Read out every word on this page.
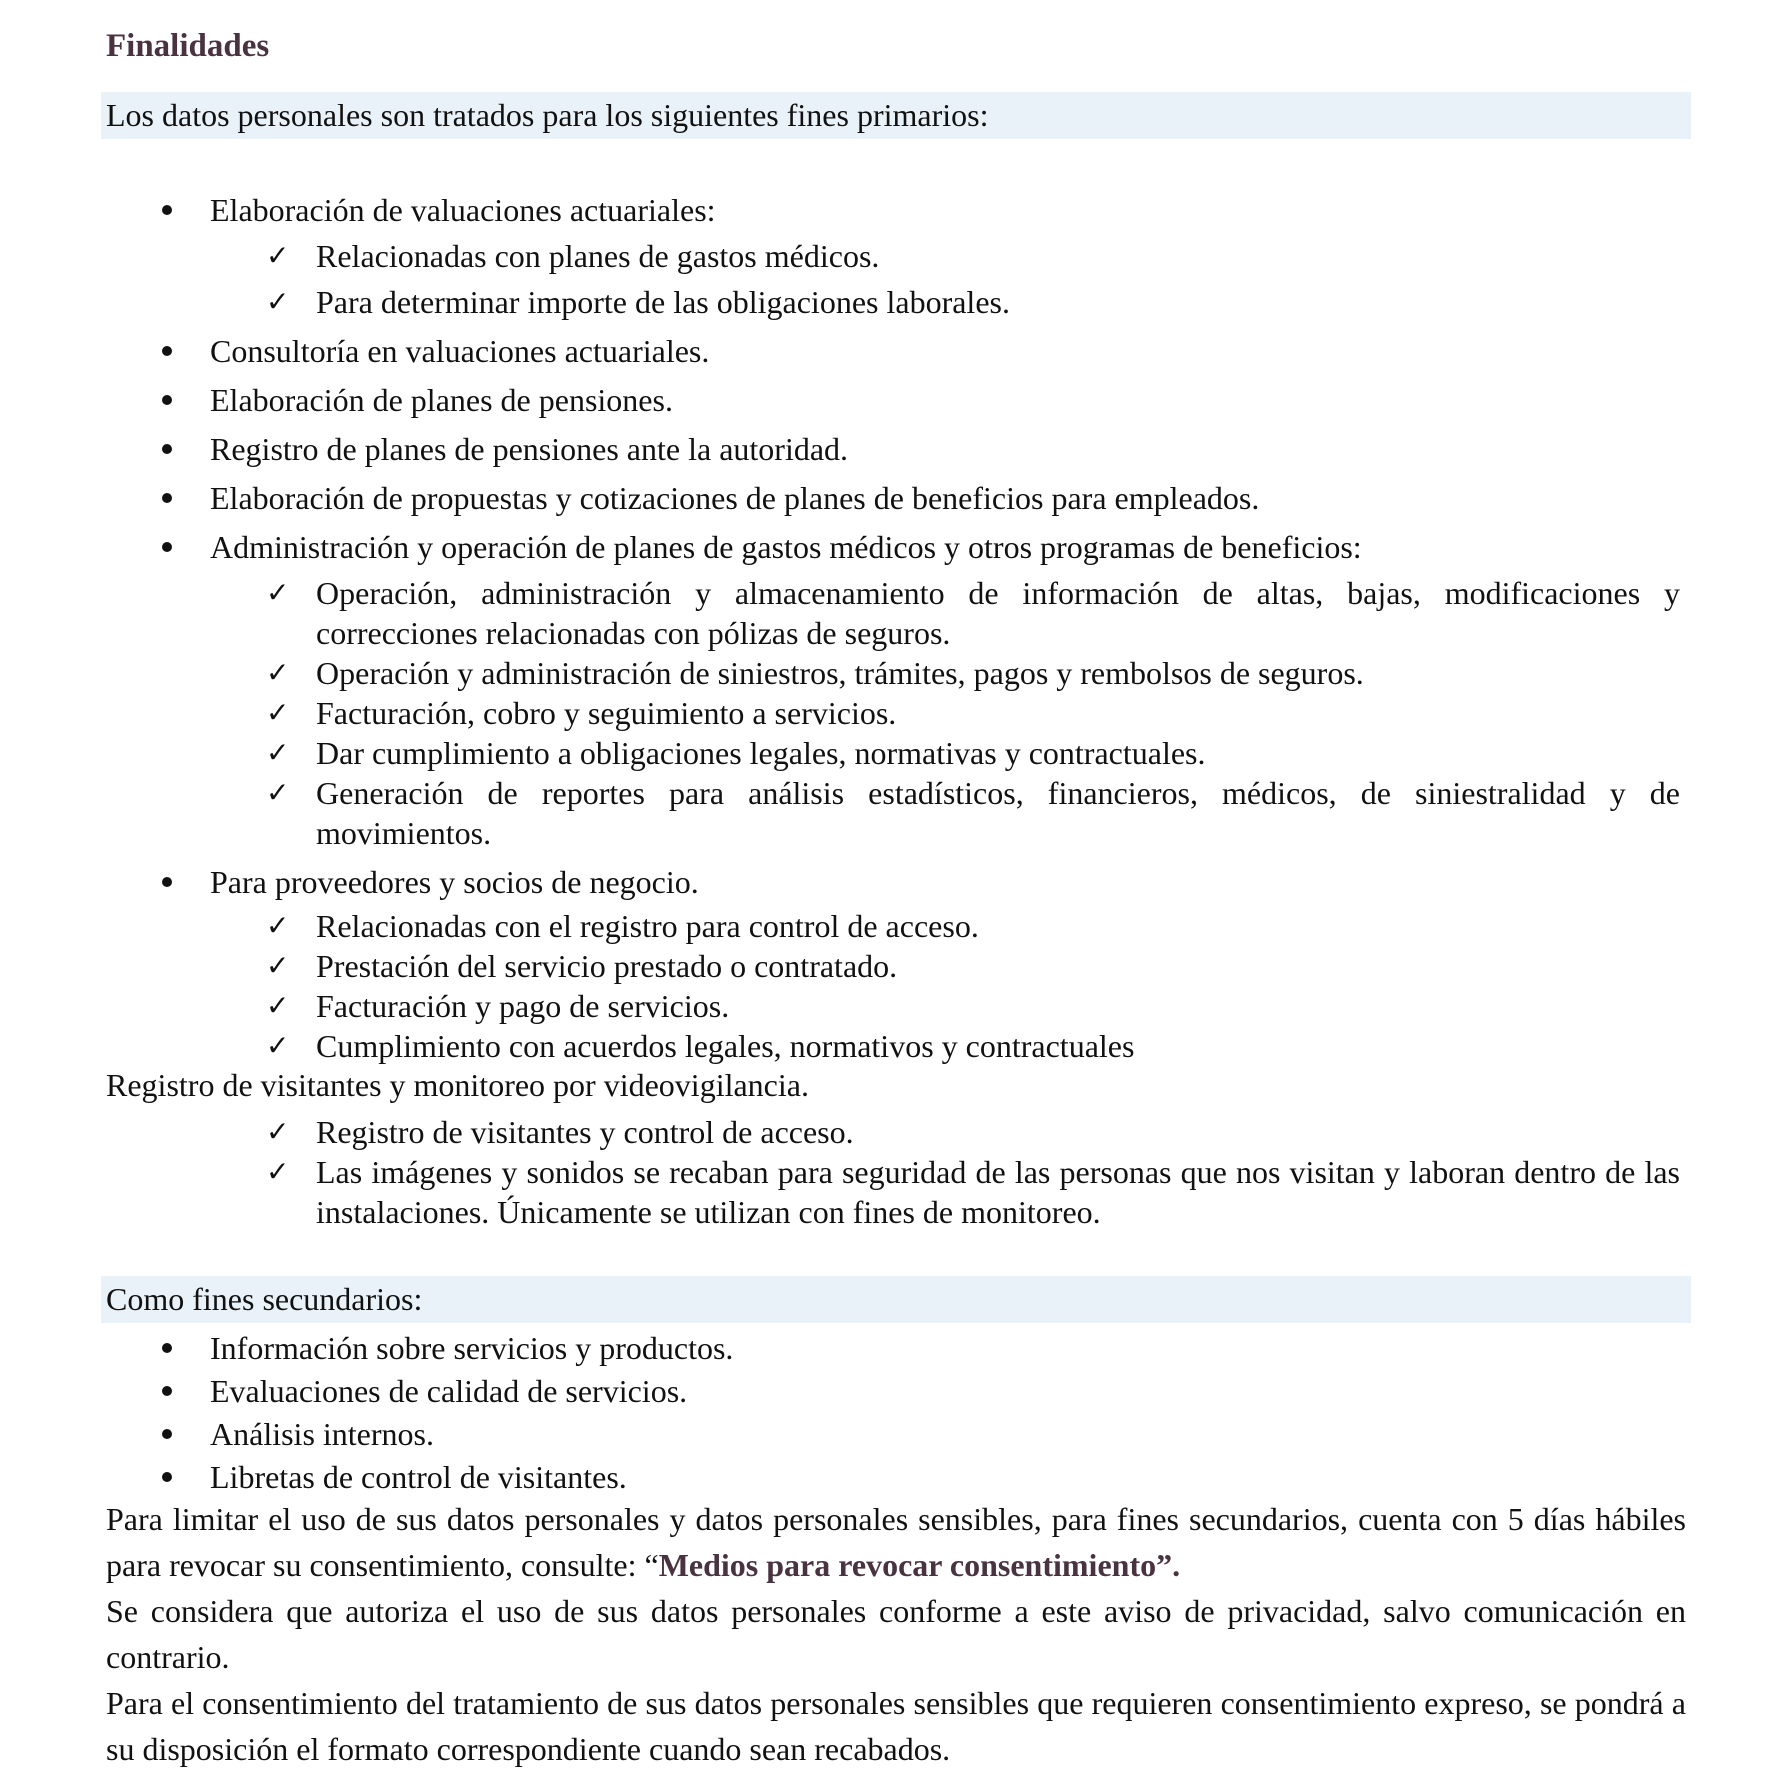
Finalidades
Los datos personales son tratados para los siguientes fines primarios:
Elaboración de valuaciones actuariales:
✓ Relacionadas con planes de gastos médicos.
✓ Para determinar importe de las obligaciones laborales.
Consultoría en valuaciones actuariales.
Elaboración de planes de pensiones.
Registro de planes de pensiones ante la autoridad.
Elaboración de propuestas y cotizaciones de planes de beneficios para empleados.
Administración y operación de planes de gastos médicos y otros programas de beneficios:
✓ Operación, administración y almacenamiento de información de altas, bajas, modificaciones y correcciones relacionadas con pólizas de seguros.
✓ Operación y administración de siniestros, trámites, pagos y rembolsos de seguros.
✓ Facturación, cobro y seguimiento a servicios.
✓ Dar cumplimiento a obligaciones legales, normativas y contractuales.
✓ Generación de reportes para análisis estadísticos, financieros, médicos, de siniestralidad y de movimientos.
Para proveedores y socios de negocio.
✓ Relacionadas con el registro para control de acceso.
✓ Prestación del servicio prestado o contratado.
✓ Facturación y pago de servicios.
✓ Cumplimiento con acuerdos legales, normativos y contractuales
Registro de visitantes y monitoreo por videovigilancia.
✓ Registro de visitantes y control de acceso.
✓ Las imágenes y sonidos se recaban para seguridad de las personas que nos visitan y laboran dentro de las instalaciones. Únicamente se utilizan con fines de monitoreo.
Como fines secundarios:
Información sobre servicios y productos.
Evaluaciones de calidad de servicios.
Análisis internos.
Libretas de control de visitantes.
Para limitar el uso de sus datos personales y datos personales sensibles, para fines secundarios, cuenta con 5 días hábiles para revocar su consentimiento, consulte: “Medios para revocar consentimiento”.
Se considera que autoriza el uso de sus datos personales conforme a este aviso de privacidad, salvo comunicación en contrario.
Para el consentimiento del tratamiento de sus datos personales sensibles que requieren consentimiento expreso, se pondrá a su disposición el formato correspondiente cuando sean recabados.
